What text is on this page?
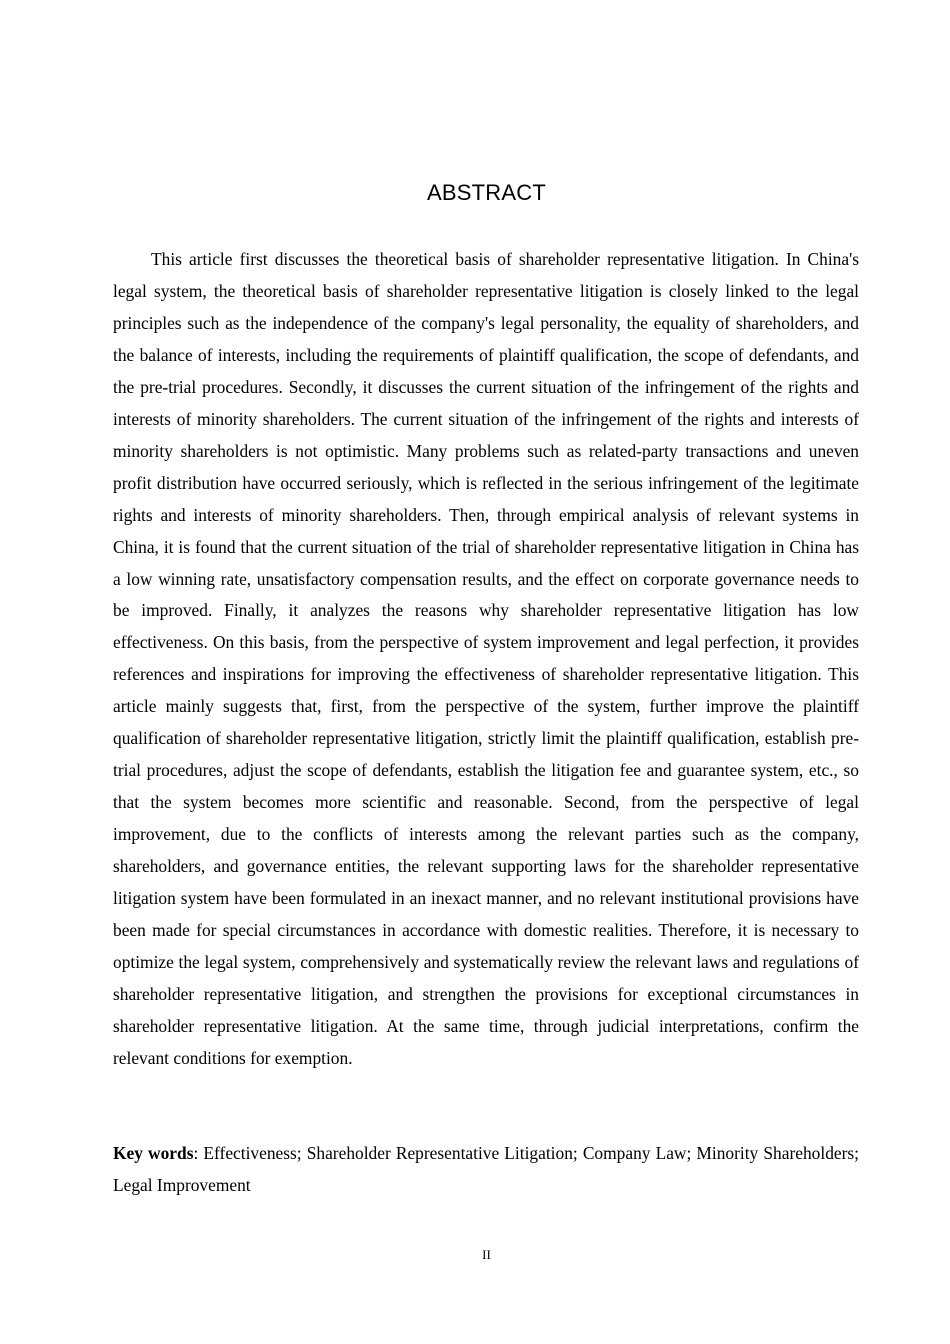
ABSTRACT

This article first discusses the theoretical basis of shareholder representative litigation. In China's legal system, the theoretical basis of shareholder representative litigation is closely linked to the legal principles such as the independence of the company's legal personality, the equality of shareholders, and the balance of interests, including the requirements of plaintiff qualification, the scope of defendants, and the pre-trial procedures. Secondly, it discusses the current situation of the infringement of the rights and interests of minority shareholders. The current situation of the infringement of the rights and interests of minority shareholders is not optimistic. Many problems such as related-party transactions and uneven profit distribution have occurred seriously, which is reflected in the serious infringement of the legitimate rights and interests of minority shareholders. Then, through empirical analysis of relevant systems in China, it is found that the current situation of the trial of shareholder representative litigation in China has a low winning rate, unsatisfactory compensation results, and the effect on corporate governance needs to be improved. Finally, it analyzes the reasons why shareholder representative litigation has low effectiveness. On this basis, from the perspective of system improvement and legal perfection, it provides references and inspirations for improving the effectiveness of shareholder representative litigation. This article mainly suggests that, first, from the perspective of the system, further improve the plaintiff qualification of shareholder representative litigation, strictly limit the plaintiff qualification, establish pre-trial procedures, adjust the scope of defendants, establish the litigation fee and guarantee system, etc., so that the system becomes more scientific and reasonable. Second, from the perspective of legal improvement, due to the conflicts of interests among the relevant parties such as the company, shareholders, and governance entities, the relevant supporting laws for the shareholder representative litigation system have been formulated in an inexact manner, and no relevant institutional provisions have been made for special circumstances in accordance with domestic realities. Therefore, it is necessary to optimize the legal system, comprehensively and systematically review the relevant laws and regulations of shareholder representative litigation, and strengthen the provisions for exceptional circumstances in shareholder representative litigation. At the same time, through judicial interpretations, confirm the relevant conditions for exemption.

Key words: Effectiveness; Shareholder Representative Litigation; Company Law; Minority Shareholders; Legal Improvement

II
